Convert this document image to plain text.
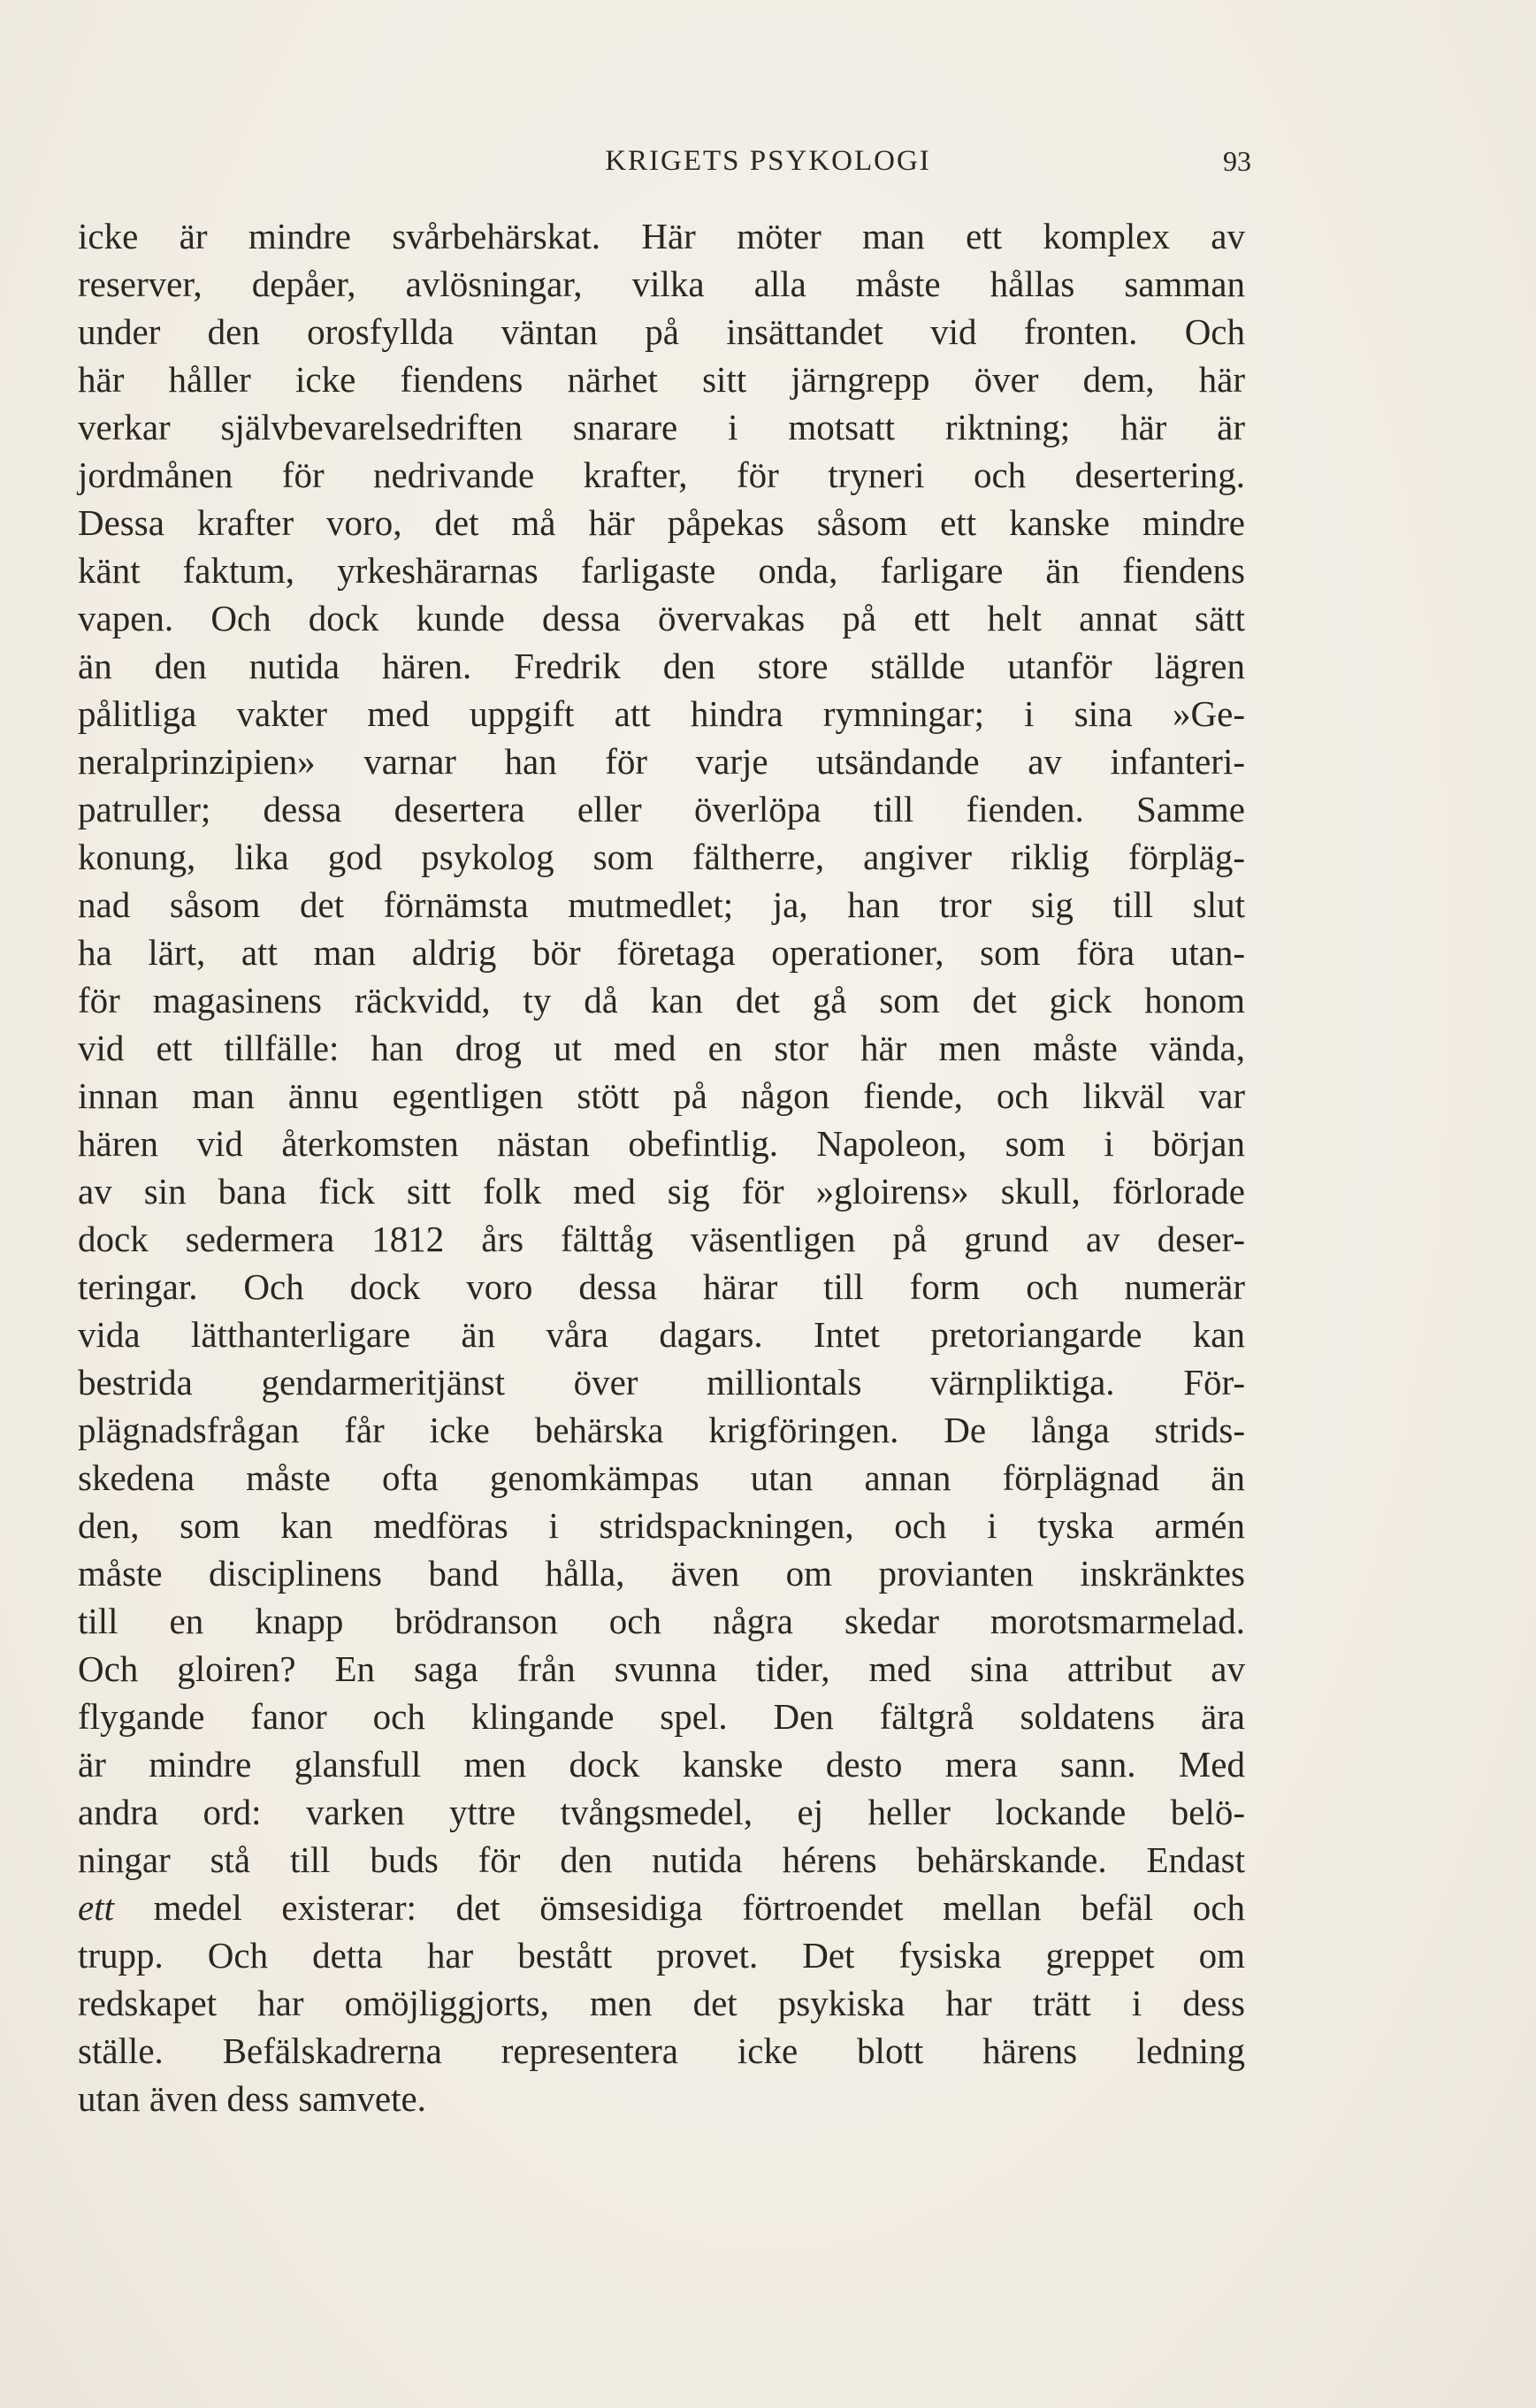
KRIGETS PSYKOLOGI	93
icke är mindre svårbehärskat. Här möter man ett komplex av
reserver, depåer, avlösningar, vilka alla måste hållas samman
under den orosfyllda väntan på insättandet vid fronten. Och
här håller icke fiendens närhet sitt järngrepp över dem, här
verkar självbevarelsedriften snarare i motsatt riktning; här är
jordmånen för nedrivande krafter, för tryneri och desertering.
Dessa krafter voro, det må här påpekas såsom ett kanske mindre
känt faktum, yrkeshärarnas farligaste onda, farligare än fiendens
vapen. Och dock kunde dessa övervakas på ett helt annat sätt
än den nutida hären. Fredrik den store ställde utanför lägren
pålitliga vakter med uppgift att hindra rymningar; i sina »Ge-
neralprinzipien» varnar han för varje utsändande av infanteri-
patruller; dessa desertera eller överlöpa till fienden. Samme
konung, lika god psykolog som fältherre, angiver riklig förpläg-
nad såsom det förnämsta mutmedlet; ja, han tror sig till slut
ha lärt, att man aldrig bör företaga operationer, som föra utan-
för magasinens räckvidd, ty då kan det gå som det gick honom
vid ett tillfälle: han drog ut med en stor här men måste vända,
innan man ännu egentligen stött på någon fiende, och likväl var
hären vid återkomsten nästan obefintlig. Napoleon, som i början
av sin bana fick sitt folk med sig för »gloirens» skull, förlorade
dock sedermera 1812 års fälttåg väsentligen på grund av deser-
teringar. Och dock voro dessa härar till form och numerär
vida lätthanterligare än våra dagars. Intet pretoriangarde kan
bestrida gendarmeritjänst över milliontals värnpliktiga. För-
plägnadsfrågan får icke behärska krigföringen. De långa strids-
skedena måste ofta genomkämpas utan annan förplägnad än
den, som kan medföras i stridspackningen, och i tyska armén
måste disciplinens band hålla, även om provianten inskränktes
till en knapp brödranson och några skedar morotsmarmelad.
Och gloiren? En saga från svunna tider, med sina attribut av
flygande fanor och klingande spel. Den fältgrå soldatens ära
är mindre glansfull men dock kanske desto mera sann. Med
andra ord: varken yttre tvångsmedel, ej heller lockande belö-
ningar stå till buds för den nutida hérens behärskande. Endast
ett medel existerar: det ömsesidiga förtroendet mellan befäl och
trupp. Och detta har bestått provet. Det fysiska greppet om
redskapet har omöjliggjorts, men det psykiska har trätt i dess
ställe. Befälskadrerna representera icke blott härens ledning
utan även dess samvete.
